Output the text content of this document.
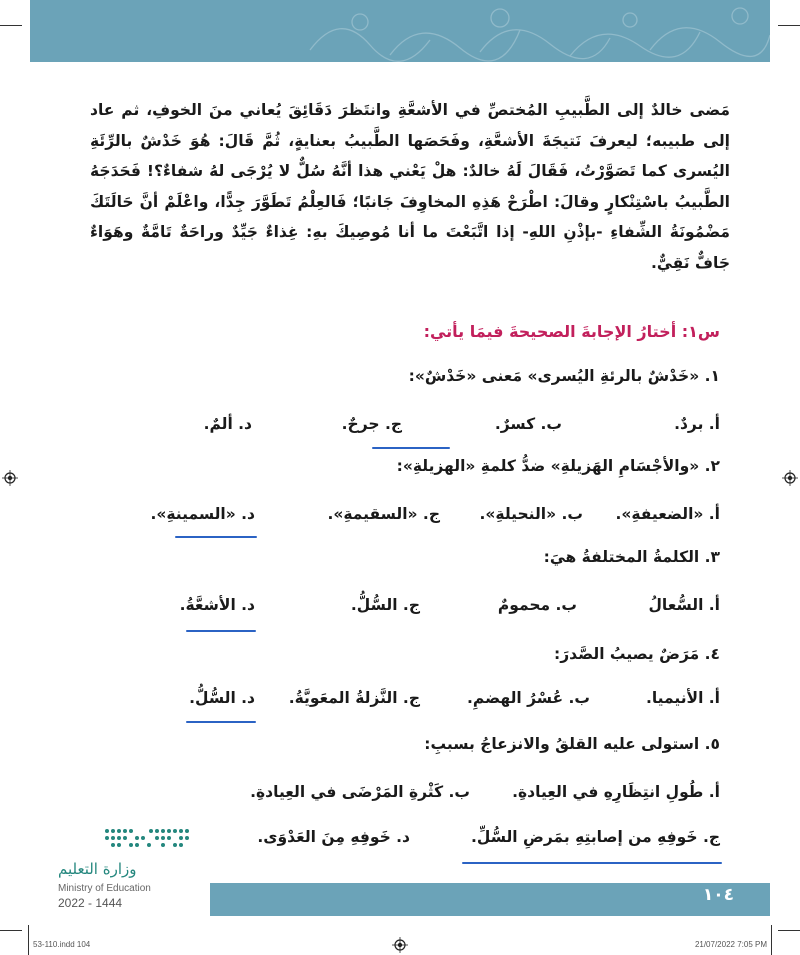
مَضى خالدٌ إلى الطَّبيبِ المُختصِّ في الأشعَّةِ وانتَظرَ دَقَائِقَ يُعاني منَ الخوفِ، ثم عاد إلى طبيبه؛ ليعرفَ نَتيجَةَ الأشعَّةِ، وفَحَصَها الطَّبيبُ بعنايةٍ، ثُمَّ قَالَ: هُوَ خَدْشٌ بالرِّئَةِ اليُسرى كما تَصَوَّرْتُ، فَقَالَ لَهُ خالدٌ: هلْ يَعْني هذا أنَّهُ سُلٌّ لا يُرْجَى لهُ شفاءٌ؟! فَحَدَجَهُ الطَّبيبُ باسْتِنْكارٍ وقالَ: اطْرَحْ هَذِهِ المخاوِفَ جَانبًا؛ فَالعِلْمُ تَطَوَّرَ جِدًّا، واعْلَمْ أنَّ حَالَتَكَ مَضْمُونَةُ الشِّفاءِ -بإذْنِ اللهِ- إذا اتَّبَعْتَ ما أنا مُوصِيكَ بهِ: غِذاءٌ جَيِّدٌ وراحَةٌ تَامَّةٌ وهَوَاءٌ جَافٌّ نَقِيٌّ.
س١: أختارُ الإجابةَ الصحيحةَ فيمَا يأتي:
١. «خَدْشٌ بالرئةِ اليُسرى» مَعنى «خَدْشٌ»:
أ. بردٌ.
ب. كسرٌ.
ج. جرحٌ.
د. ألمٌ.
٢. «والأجْسَامِ الهَزيلةِ» ضدُّ كلمةِ «الهزيلةِ»:
أ. «الضعيفةِ».
ب. «النحيلةِ».
ج. «السقيمةِ».
د. «السمينةِ».
٣. الكلمةُ المختلفةُ هيَ:
أ. السُّعالُ
ب. محمومٌ
ج. السُّلُّ.
د. الأشعَّةُ.
٤. مَرَضٌ يصيبُ الصَّدرَ:
أ. الأنيميا.
ب. عُسْرُ الهضمِ.
ج. النَّزلةُ المعَويَّةُ.
د. السُّلُّ.
٥. استولى عليه القلقُ والانزعاجُ بسببِ:
أ. طُولِ انتِظَارِهِ في العِيادةِ.
ب. كَثْرةِ المَرْضَى في العِيادةِ.
ج. خَوفِهِ من إصابتِهِ بمَرضِ السُّلِّ.
د. خَوفِهِ مِنَ العَدْوَى.
١٠٤
وزارة التعليم
Ministry of Education
2022 - 1444
53-110.indd 104	21/07/2022 7:05 PM
